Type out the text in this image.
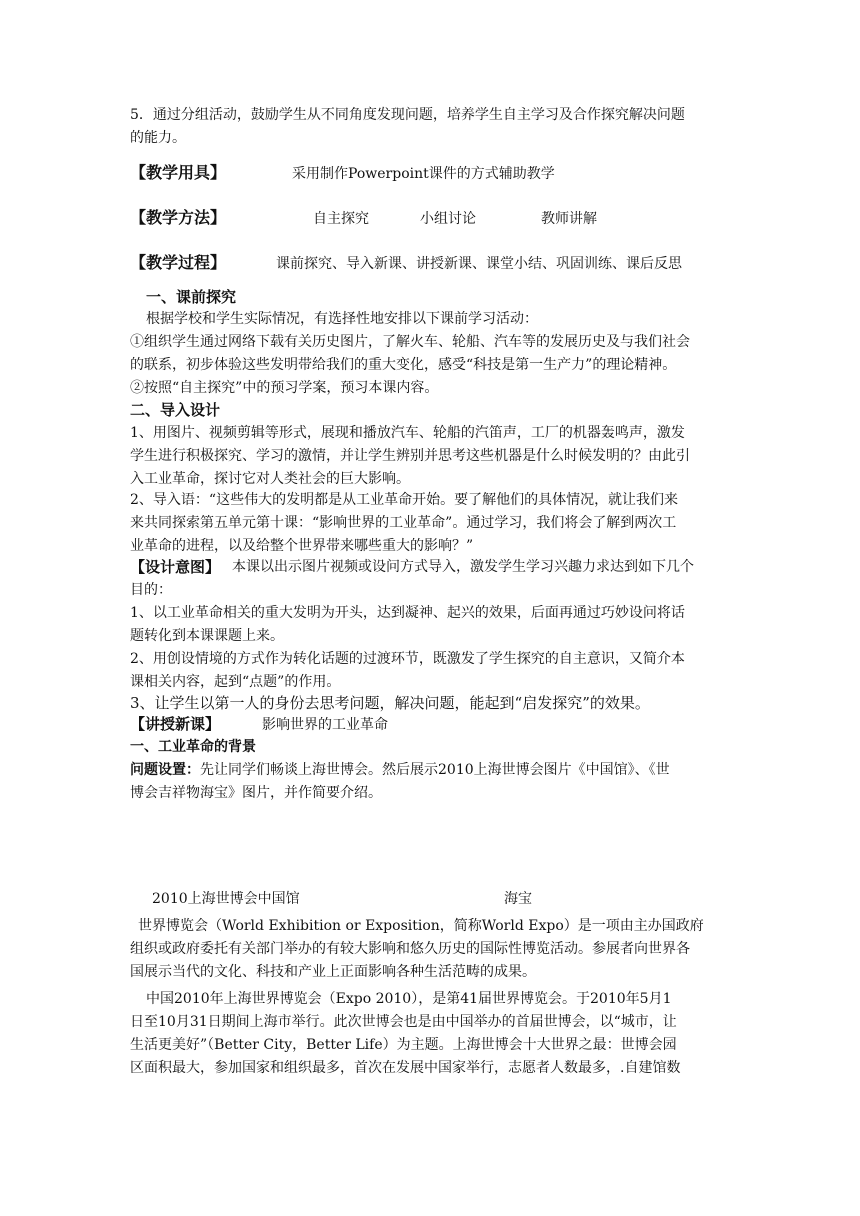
5．通过分组活动，鼓励学生从不同角度发现问题，培养学生自主学习及合作探究解决问题
的能力。
【教学用具】	采用制作Powerpoint课件的方式辅助教学
【教学方法】	自主探究	小组讨论	教师讲解
【教学过程】	课前探究、导入新课、讲授新课、课堂小结、巩固训练、课后反思
一、课前探究
根据学校和学生实际情况，有选择性地安排以下课前学习活动：
①组织学生通过网络下载有关历史图片，了解火车、轮船、汽车等的发展历史及与我们社会
的联系，初步体验这些发明带给我们的重大变化，感受“科技是第一生产力”的理论精神。
②按照“自主探究”中的预习学案，预习本课内容。
二、导入设计
1、用图片、视频剪辑等形式，展现和播放汽车、轮船的汽笛声，工厂的机器轰鸣声，激发
学生进行积极探究、学习的激情，并让学生辨别并思考这些机器是什么时候发明的？由此引
入工业革命，探讨它对人类社会的巨大影响。
2、导入语：“这些伟大的发明都是从工业革命开始。要了解他们的具体情况，就让我们来
来共同探索第五单元第十课：“影响世界的工业革命”。通过学习，我们将会了解到两次工
业革命的进程，以及给整个世界带来哪些重大的影响？”
【设计意图】 本课以出示图片视频或设问方式导入，激发学生学习兴趣力求达到如下几个
目的：
1、以工业革命相关的重大发明为开头，达到凝神、起兴的效果，后面再通过巧妙设问将话
题转化到本课课题上来。
2、用创设情境的方式作为转化话题的过渡环节，既激发了学生探究的自主意识，又简介本
课相关内容，起到“点题”的作用。
3、让学生以第一人的身份去思考问题，解决问题，能起到“启发探究”的效果。
【讲授新课】	影响世界的工业革命
一、工业革命的背景
问题设置： 先让同学们畅谈上海世博会。然后展示2010上海世博会图片《中国馆》、《世
博会吉祥物海宝》图片，并作简要介绍。
2010上海世博会中国馆	海宝
世界博览会（World Exhibition or Exposition，简称World Expo）是一项由主办国政府
组织或政府委托有关部门举办的有较大影响和悠久历史的国际性博览活动。参展者向世界各
国展示当代的文化、科技和产业上正面影响各种生活范畴的成果。
中国2010年上海世界博览会（Expo 2010），是第41届世界博览会。于2010年5月1
日至10月31日期间上海市举行。此次世博会也是由中国举办的首届世博会，以“城市，让
生活更美好”（Better City，Better Life）为主题。上海世博会十大世界之最：世博会园
区面积最大，参加国家和组织最多，首次在发展中国家举行，志愿者人数最多，.自建馆数
